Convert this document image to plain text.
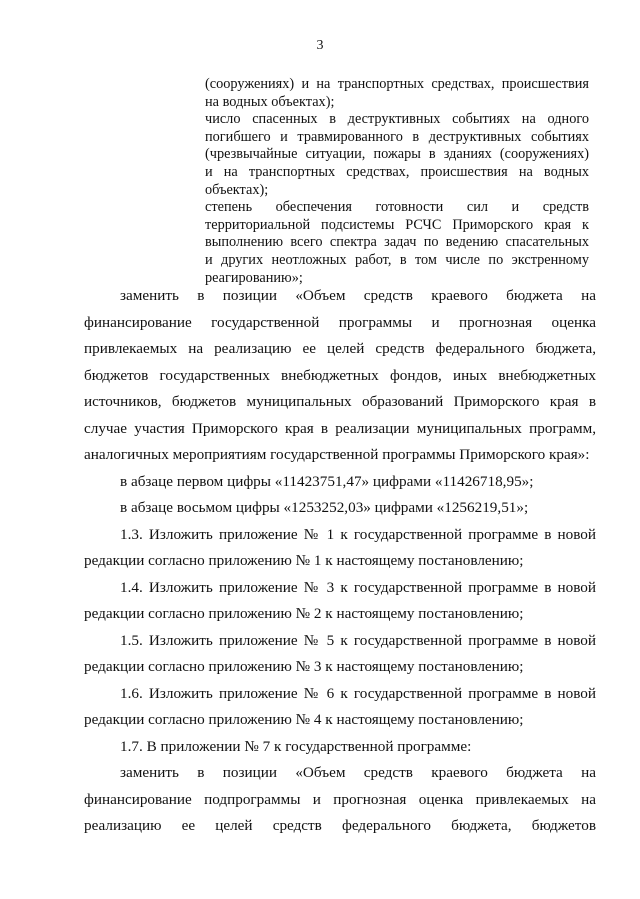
3
(сооружениях) и на транспортных средствах, происшествия
на водных объектах);
число спасенных в деструктивных событиях на одного
погибшего и травмированного в деструктивных событиях
(чрезвычайные ситуации, пожары в зданиях (сооружениях)
и на транспортных средствах, происшествия на водных
объектах);
степень обеспечения готовности сил и средств
территориальной подсистемы РСЧС Приморского края к
выполнению всего спектра задач по ведению спасательных
и других неотложных работ, в том числе по экстренному
реагированию»;
заменить в позиции «Объем средств краевого бюджета на
финансирование государственной программы и прогнозная оценка
привлекаемых на реализацию ее целей средств федерального бюджета,
бюджетов государственных внебюджетных фондов, иных внебюджетных
источников, бюджетов муниципальных образований Приморского края в
случае участия Приморского края в реализации муниципальных программ,
аналогичных мероприятиям государственной программы Приморского края»:
в абзаце первом цифры «11423751,47» цифрами «11426718,95»;
в абзаце восьмом цифры «1253252,03» цифрами «1256219,51»;
1.3. Изложить приложение № 1 к государственной программе в новой
редакции согласно приложению № 1 к настоящему постановлению;
1.4. Изложить приложение № 3 к государственной программе в новой
редакции согласно приложению № 2 к настоящему постановлению;
1.5. Изложить приложение № 5 к государственной программе в новой
редакции согласно приложению № 3 к настоящему постановлению;
1.6. Изложить приложение № 6 к государственной программе в новой
редакции согласно приложению № 4 к настоящему постановлению;
1.7. В приложении № 7 к государственной программе:
заменить в позиции «Объем средств краевого бюджета на
финансирование подпрограммы и прогнозная оценка привлекаемых на
реализацию ее целей средств федерального бюджета, бюджетов
